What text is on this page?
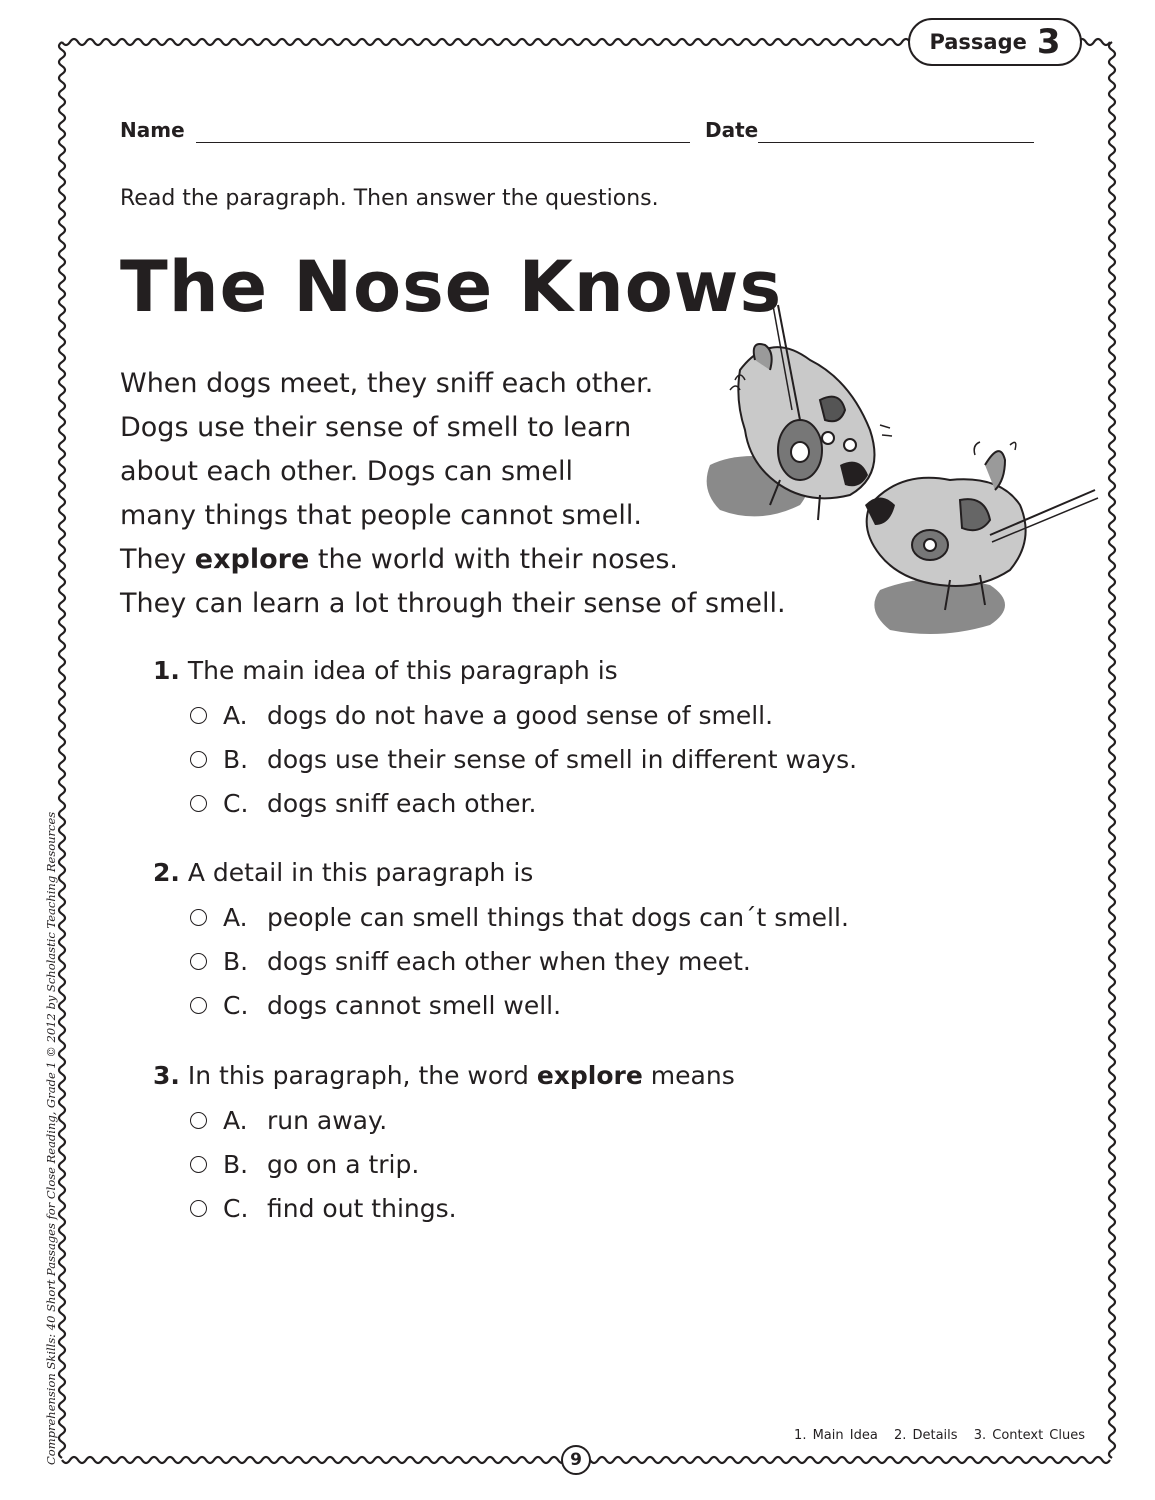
Passage 3
Name	Date
Read the paragraph. Then answer the questions.
The Nose Knows
When dogs meet, they sniff each other.
Dogs use their sense of smell to learn
about each other. Dogs can smell
many things that people cannot smell.
They explore the world with their noses.
They can learn a lot through their sense of smell.
1. The main idea of this paragraph is
A. dogs do not have a good sense of smell.
B. dogs use their sense of smell in different ways.
C. dogs sniff each other.
2. A detail in this paragraph is
A. people can smell things that dogs can´t smell.
B. dogs sniff each other when they meet.
C. dogs cannot smell well.
3. In this paragraph, the word explore means
A. run away.
B. go on a trip.
C. find out things.
Comprehension Skills: 40 Short Passages for Close Reading, Grade 1 © 2012 by Scholastic Teaching Resources	1. Main Idea 2. Details 3. Context Clues
9
